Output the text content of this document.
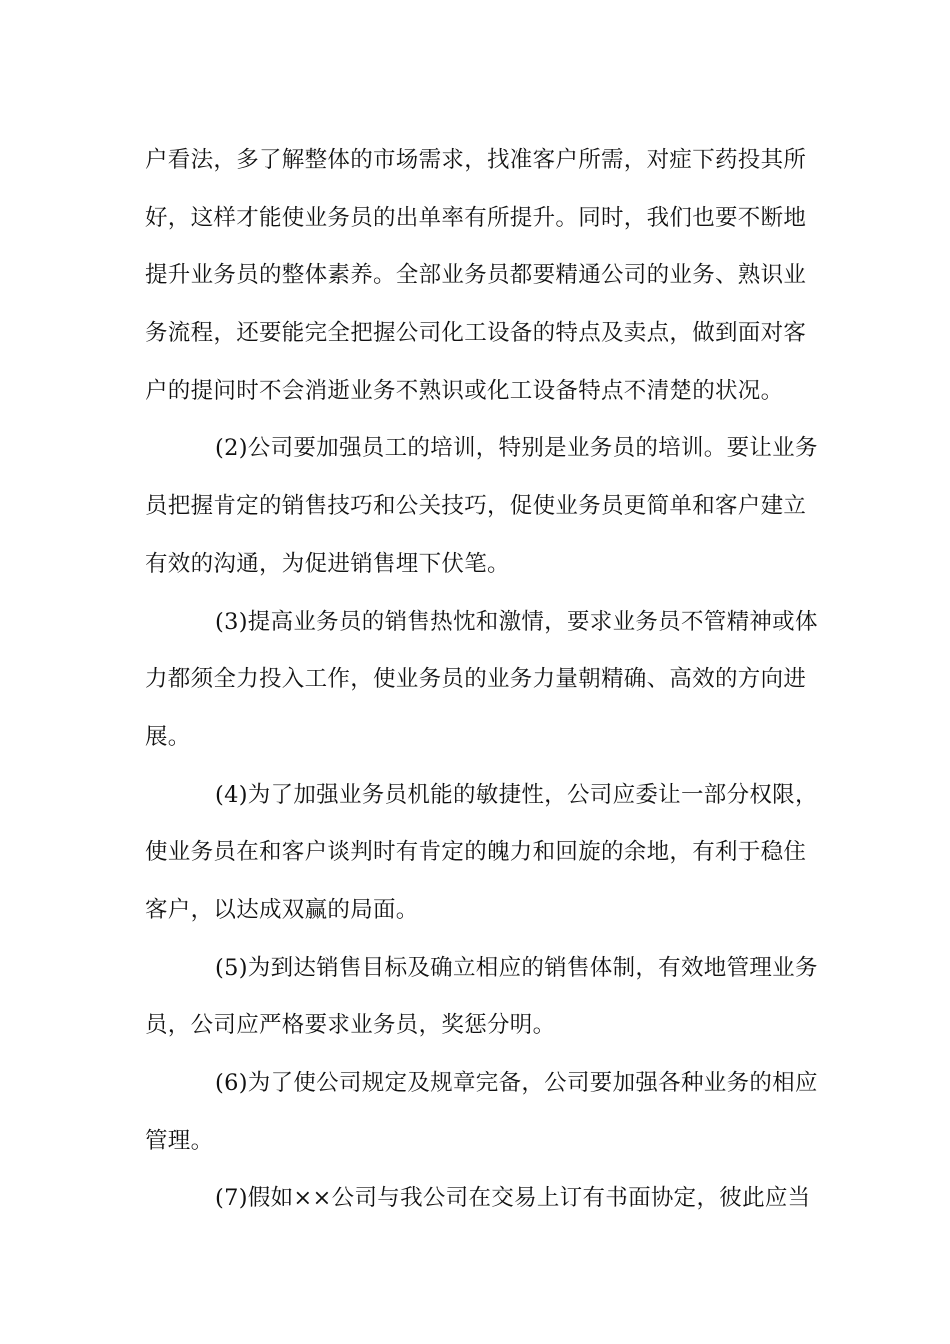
户看法，多了解整体的市场需求，找准客户所需，对症下药投其所
好，这样才能使业务员的出单率有所提升。同时，我们也要不断地
提升业务员的整体素养。全部业务员都要精通公司的业务、熟识业
务流程，还要能完全把握公司化工设备的特点及卖点，做到面对客
户的提问时不会消逝业务不熟识或化工设备特点不清楚的状况。
(2)公司要加强员工的培训，特别是业务员的培训。要让业务
员把握肯定的销售技巧和公关技巧，促使业务员更简单和客户建立
有效的沟通，为促进销售埋下伏笔。
(3)提高业务员的销售热忱和激情，要求业务员不管精神或体
力都须全力投入工作，使业务员的业务力量朝精确、高效的方向进
展。
(4)为了加强业务员机能的敏捷性，公司应委让一部分权限，
使业务员在和客户谈判时有肯定的魄力和回旋的余地，有利于稳住
客户，以达成双赢的局面。
(5)为到达销售目标及确立相应的销售体制，有效地管理业务
员，公司应严格要求业务员，奖惩分明。
(6)为了使公司规定及规章完备，公司要加强各种业务的相应
管理。
(7)假如××公司与我公司在交易上订有书面协定，彼此应当
